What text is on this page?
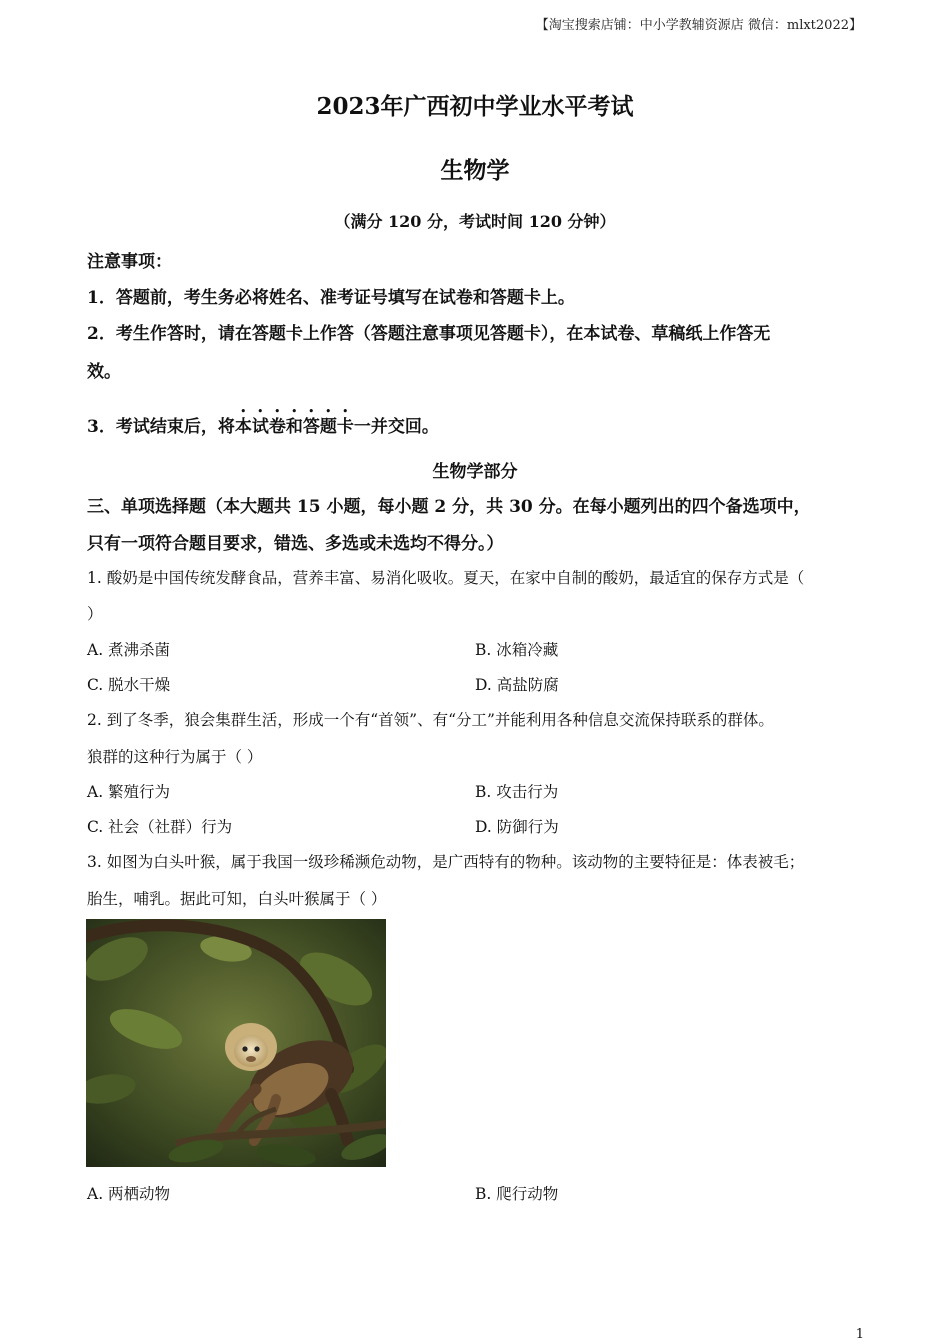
【淘宝搜索店铺：中小学教辅资源店 微信：mlxt2022】
2023年广西初中学业水平考试
生物学
（满分 120 分，考试时间 120 分钟）
注意事项：
1．答题前，考生务必将姓名、准考证号填写在试卷和答题卡上。
2．考生作答时，请在答题卡上作答（答题注意事项见答题卡），在本试卷、草稿纸上作答无
效。
3．考试结束后，将本试卷和答题卡一并交回。
生物学部分
三、单项选择题（本大题共 15 小题，每小题 2 分，共 30 分。在每小题列出的四个备选项中，
只有一项符合题目要求，错选、多选或未选均不得分。）
1. 酸奶是中国传统发酵食品，营养丰富、易消化吸收。夏天，在家中自制的酸奶，最适宜的保存方式是（
）
A. 煮沸杀菌	B. 冰箱冷藏
C. 脱水干燥	D. 高盐防腐
2. 到了冬季，狼会集群生活，形成一个有“首领”、有“分工”并能利用各种信息交流保持联系的群体。
狼群的这种行为属于（ ）
A. 繁殖行为	B. 攻击行为
C. 社会（社群）行为	D. 防御行为
3. 如图为白头叶猴，属于我国一级珍稀濒危动物，是广西特有的物种。该动物的主要特征是：体表被毛；
胎生，哺乳。据此可知，白头叶猴属于（ ）
A. 两栖动物	B. 爬行动物
1
